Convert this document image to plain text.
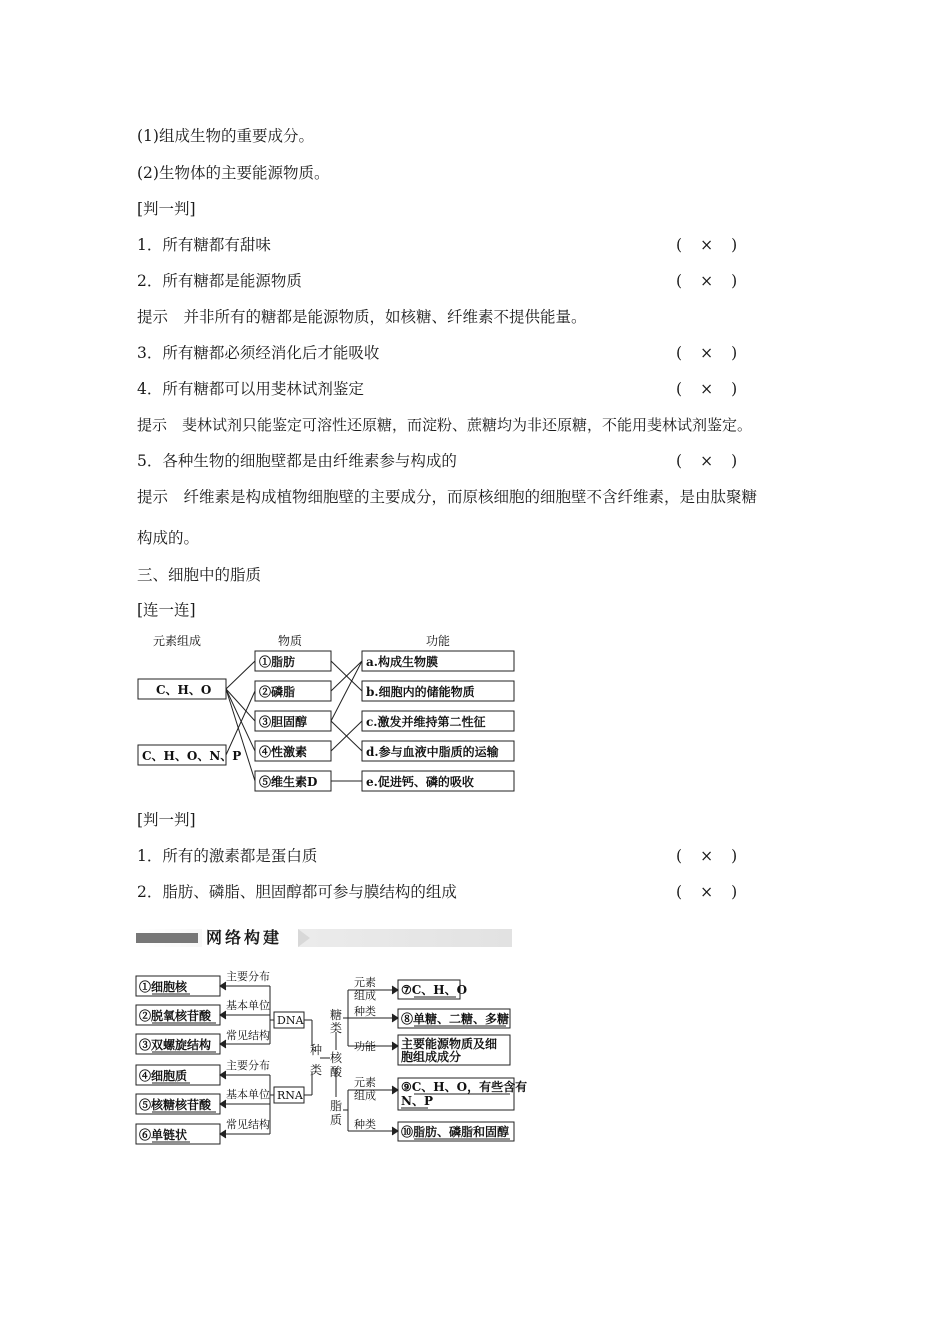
(1)组成生物的重要成分。
(2)生物体的主要能源物质。
[判一判]
1．所有糖都有甜味	( × )
2．所有糖都是能源物质	( × )
提示　并非所有的糖都是能源物质，如核糖、纤维素不提供能量。
3．所有糖都必须经消化后才能吸收	( × )
4．所有糖都可以用斐林试剂鉴定	( × )
提示　斐林试剂只能鉴定可溶性还原糖，而淀粉、蔗糖均为非还原糖，不能用斐林试剂鉴定。
5．各种生物的细胞壁都是由纤维素参与构成的	( × )
提示　纤维素是构成植物细胞壁的主要成分，而原核细胞的细胞壁不含纤维素，是由肽聚糖
构成的。
三、细胞中的脂质
[连一连]
元素组成	物质	功能
C、H、O
C、H、O、N、P
①脂肪
②磷脂
③胆固醇
④性激素
⑤维生素D
a.构成生物膜
b.细胞内的储能物质
c.激发并维持第二性征
d.参与血液中脂质的运输
e.促进钙、磷的吸收
[判一判]
1．所有的激素都是蛋白质	( × )
2．脂肪、磷脂、胆固醇都可参与膜结构的组成	( × )
网络构建
主要分布
基本单位
常见结构
主要分布
基本单位
常见结构
DNA
RNA
元素
组成
种类
功能
元素
组成
种类
种
类
糖
类
核
酸
脂
质
①细胞核
②脱氧核苷酸
③双螺旋结构
④细胞质
⑤核糖核苷酸
⑥单链状
⑦C、H、O
⑧单糖、二糖、多糖
主要能源物质及细
胞组成成分
⑨C、H、O，有些含有
N、P
⑩脂肪、磷脂和固醇
